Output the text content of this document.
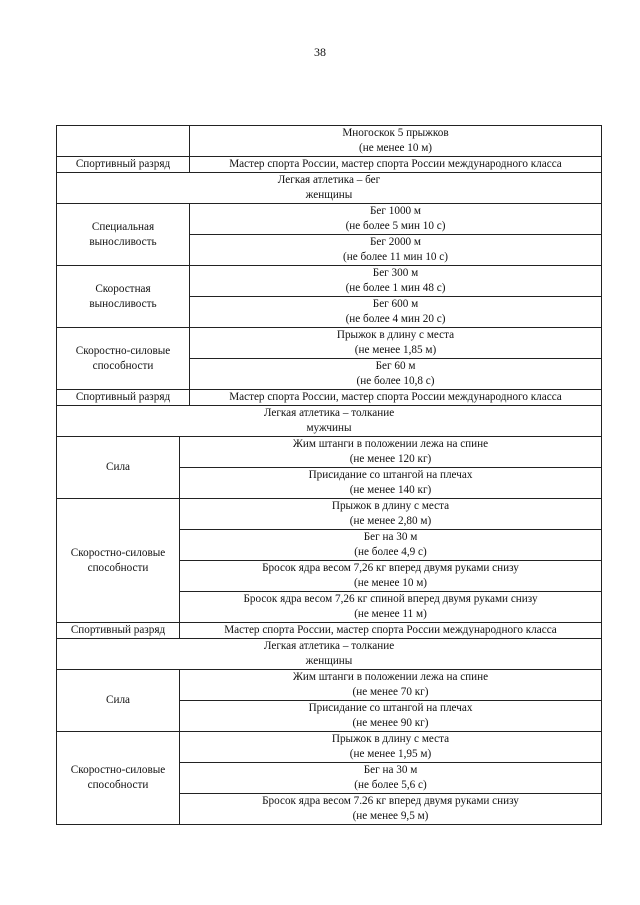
38

	Многоскок 5 прыжков
(не менее 10 м)

Спортивный разряд	Мастер спорта России, мастер спорта России международного класса

Легкая атлетика – бег
женщины	

Специальная
выносливость	Бег 1000 м
(не более 5 мин 10 с)

	Бег 2000 м
(не более 11 мин 10 с)

Скоростная
выносливость	Бег 300 м
(не более 1 мин 48 с)

	Бег 600 м
(не более 4 мин 20 с)

Скоростно-силовые
способности	Прыжок в длину с места
(не менее 1,85 м)

	Бег 60 м
(не более 10,8 с)

Спортивный разряд	Мастер спорта России, мастер спорта России международного класса

Легкая атлетика – толкание
мужчины	
Сила	Жим штанги в положении лежа на спине
(не менее 120 кг)

	Присидание со штангой на плечах
(не менее 140 кг)

Скоростно-силовые
способности	Прыжок в длину с места
(не менее 2,80 м)

	Бег на 30 м
(не более 4,9 с)

	Бросок ядра весом 7,26 кг вперед двумя руками снизу
(не менее 10 м)

	Бросок ядра весом 7,26 кг спиной вперед двумя руками снизу
(не менее 11 м)

Спортивный разряд	Мастер спорта России, мастер спорта России международного класса

Легкая атлетика – толкание
женщины	

Сила	Жим штанги в положении лежа на спине
(не менее 70 кг)

	Присидание со штангой на плечах
(не менее 90 кг)

Скоростно-силовые
способности	Прыжок в длину с места
(не менее 1,95 м)

	Бег на 30 м
(не более 5,6 с)

	Бросок ядра весом 7.26 кг вперед двумя руками снизу
(не менее 9,5 м)
